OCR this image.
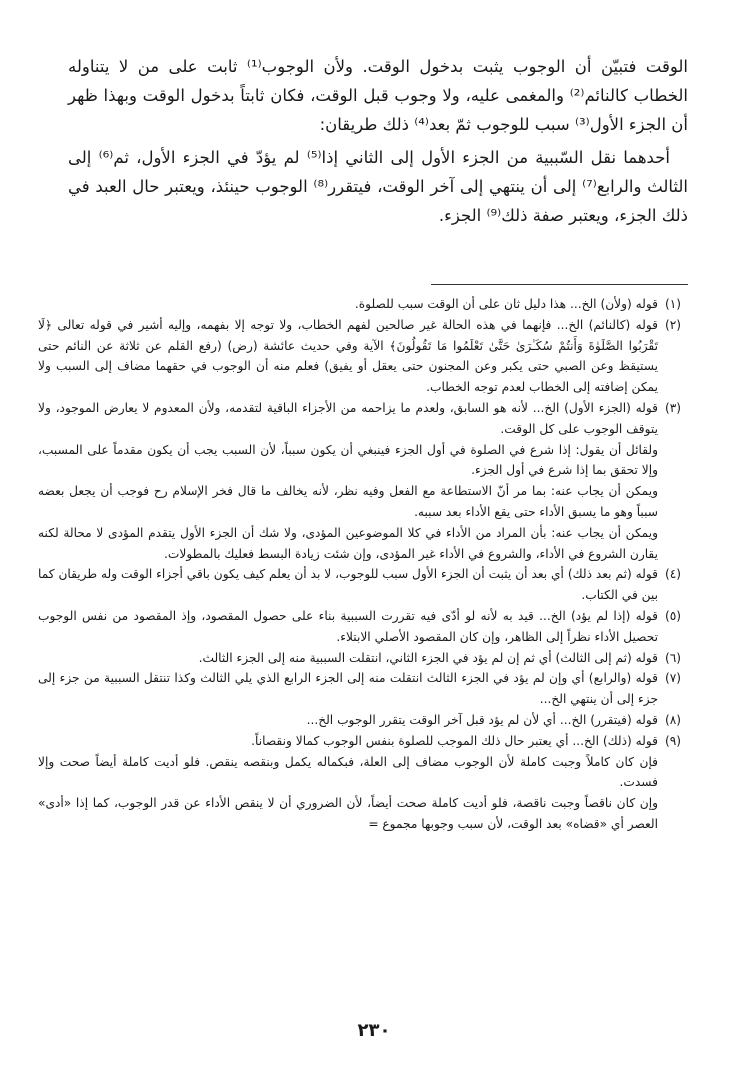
الوقت فتبيّن أن الوجوب يثبت بدخول الوقت. ولأن الوجوب⁽¹⁾ ثابت على من لا يتناوله الخطاب كالنائم⁽²⁾ والمغمى عليه، ولا وجوب قبل الوقت، فكان ثابتاً بدخول الوقت وبهذا ظهر أن الجزء الأول⁽³⁾ سبب للوجوب ثمّ بعد⁽⁴⁾ ذلك طريقان:

أحدهما نقل السّببية من الجزء الأول إلى الثاني إذا⁽⁵⁾ لم يؤدّ في الجزء الأول، ثم⁽⁶⁾ إلى الثالث والرابع⁽⁷⁾ إلى أن ينتهي إلى آخر الوقت، فيتقرر⁽⁸⁾ الوجوب حينئذ، ويعتبر حال العبد في ذلك الجزء، ويعتبر صفة ذلك⁽⁹⁾ الجزء.

(١)

قوله (ولأن) الخ... هذا دليل ثان على أن الوقت سبب للصلوة.

(٢)

قوله (كالنائم) الخ... فإنهما في هذه الحالة غير صالحين لفهم الخطاب، ولا توجه إلا بفهمه، وإليه أشير في قوله تعالى ﴿لَا تَقْرَبُوا الصَّلَوٰةَ وَأَنتُمْ سُكَـٰرَىٰ حَتَّىٰ تَعْلَمُوا مَا تَقُولُونَ﴾ الآية وفي حديث عائشة (رض) (رفع القلم عن ثلاثة عن النائم حتى يستيقظ وعن الصبي حتى يكبر وعن المجنون حتى يعقل أو يفيق) فعلم منه أن الوجوب في حقهما مضاف إلى السبب ولا يمكن إضافته إلى الخطاب لعدم توجه الخطاب.

(٣)

قوله (الجزء الأول) الخ... لأنه هو السابق، ولعدم ما يزاحمه من الأجزاء الباقية لتقدمه، ولأن المعدوم لا يعارض الموجود، ولا يتوقف الوجوب على كل الوقت.

ولقائل أن يقول: إذا شرع في الصلوة في أول الجزء فينبغي أن يكون سبباً، لأن السبب يجب أن يكون مقدماً على المسبب، وإلا تحقق بما إذا شرع في أول الجزء.

ويمكن أن يجاب عنه: بما مر أنّ الاستطاعة مع الفعل وفيه نظر، لأنه يخالف ما قال فخر الإسلام رح فوجب أن يجعل بعضه سبباً وهو ما يسبق الأداء حتى يقع الأداء بعد سببه.

ويمكن أن يجاب عنه: بأن المراد من الأداء في كلا الموضوعين المؤدى، ولا شك أن الجزء الأول يتقدم المؤدى لا محالة لكنه يقارن الشروع في الأداء، والشروع في الأداء غير المؤدى، وإن شئت زيادة البسط فعليك بالمطولات.

(٤)

قوله (ثم بعد ذلك) أي بعد أن يثبت أن الجزء الأول سبب للوجوب، لا بد أن يعلم كيف يكون باقي أجزاء الوقت وله طريقان كما بين في الكتاب.

(٥)

قوله (إذا لم يؤد) الخ... قيد به لأنه لو أدّى فيه تقررت السببية بناء على حصول المقصود، وإذ المقصود من نفس الوجوب تحصيل الأداء نظراً إلى الظاهر، وإن كان المقصود الأصلي الابتلاء.

(٦)

قوله (ثم إلى الثالث) أي ثم إن لم يؤد في الجزء الثاني، انتقلت السببية منه إلى الجزء الثالث.

(٧)

قوله (والرابع) أي وإن لم يؤد في الجزء الثالث انتقلت منه إلى الجزء الرابع الذي يلي الثالث وكذا تنتقل السببية من جزء إلى جزء إلى أن ينتهي الخ...

(٨)

قوله (فيتقرر) الخ... أي لأن لم يؤد قبل آخر الوقت يتقرر الوجوب الخ...

(٩)

قوله (ذلك) الخ... أي يعتبر حال ذلك الموجب للصلوة بنفس الوجوب كمالا ونقصاناً.

فإن كان كاملاً وجبت كاملة لأن الوجوب مضاف إلى العلة، فبكماله يكمل وبنقصه ينقص. فلو أديت كاملة أيضاً صحت وإلا فسدت.

وإن كان ناقصاً وجبت ناقصة، فلو أديت كاملة صحت أيضاً، لأن الضروري أن لا ينقص الأداء عن قدر الوجوب، كما إذا «أدى» العصر أي «قضاه» بعد الوقت، لأن سبب وجوبها مجموع =

٢٣٠
